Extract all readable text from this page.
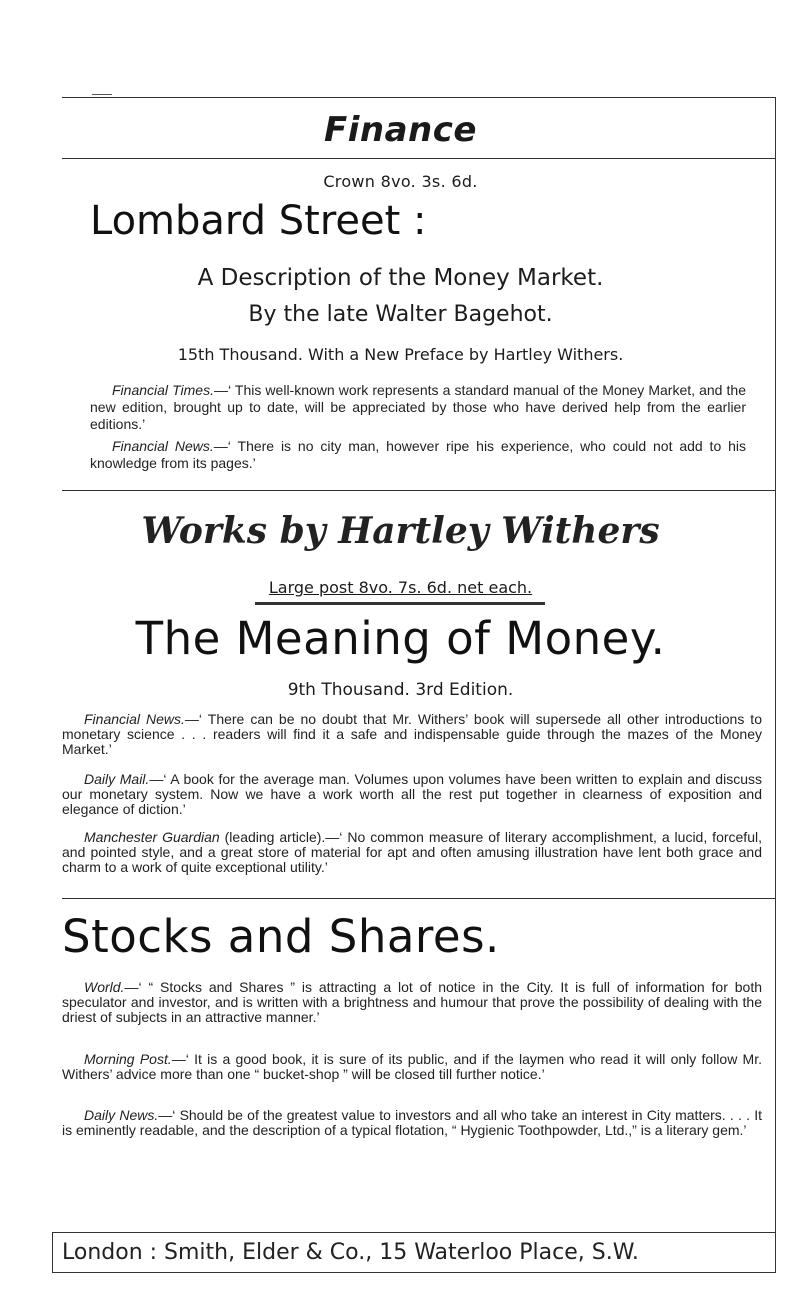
Finance
Crown 8vo. 3s. 6d.
Lombard Street :
A Description of the Money Market.
By the late Walter Bagehot.
15th Thousand. With a New Preface by Hartley Withers.
Financial Times.—‘ This well-known work represents a standard manual of the Money Market, and the new edition, brought up to date, will be appreciated by those who have derived help from the earlier editions.’
Financial News.—‘ There is no city man, however ripe his experience, who could not add to his knowledge from its pages.’
Works by Hartley Withers
Large post 8vo. 7s. 6d. net each.
The Meaning of Money.
9th Thousand. 3rd Edition.
Financial News.—‘ There can be no doubt that Mr. Withers’ book will supersede all other introductions to monetary science . . . readers will find it a safe and indispensable guide through the mazes of the Money Market.’
Daily Mail.—‘ A book for the average man. Volumes upon volumes have been written to explain and discuss our monetary system. Now we have a work worth all the rest put together in clearness of exposition and elegance of diction.’
Manchester Guardian (leading article).—‘ No common measure of literary accomplishment, a lucid, forceful, and pointed style, and a great store of material for apt and often amusing illustration have lent both grace and charm to a work of quite exceptional utility.’
Stocks and Shares.
World.—‘ “ Stocks and Shares ” is attracting a lot of notice in the City. It is full of information for both speculator and investor, and is written with a brightness and humour that prove the possibility of dealing with the driest of subjects in an attractive manner.’
Morning Post.—‘ It is a good book, it is sure of its public, and if the laymen who read it will only follow Mr. Withers’ advice more than one “ bucket-shop ” will be closed till further notice.’
Daily News.—‘ Should be of the greatest value to investors and all who take an interest in City matters. . . . It is eminently readable, and the description of a typical flotation, “ Hygienic Toothpowder, Ltd.,” is a literary gem.’
London : Smith, Elder & Co., 15 Waterloo Place, S.W.
